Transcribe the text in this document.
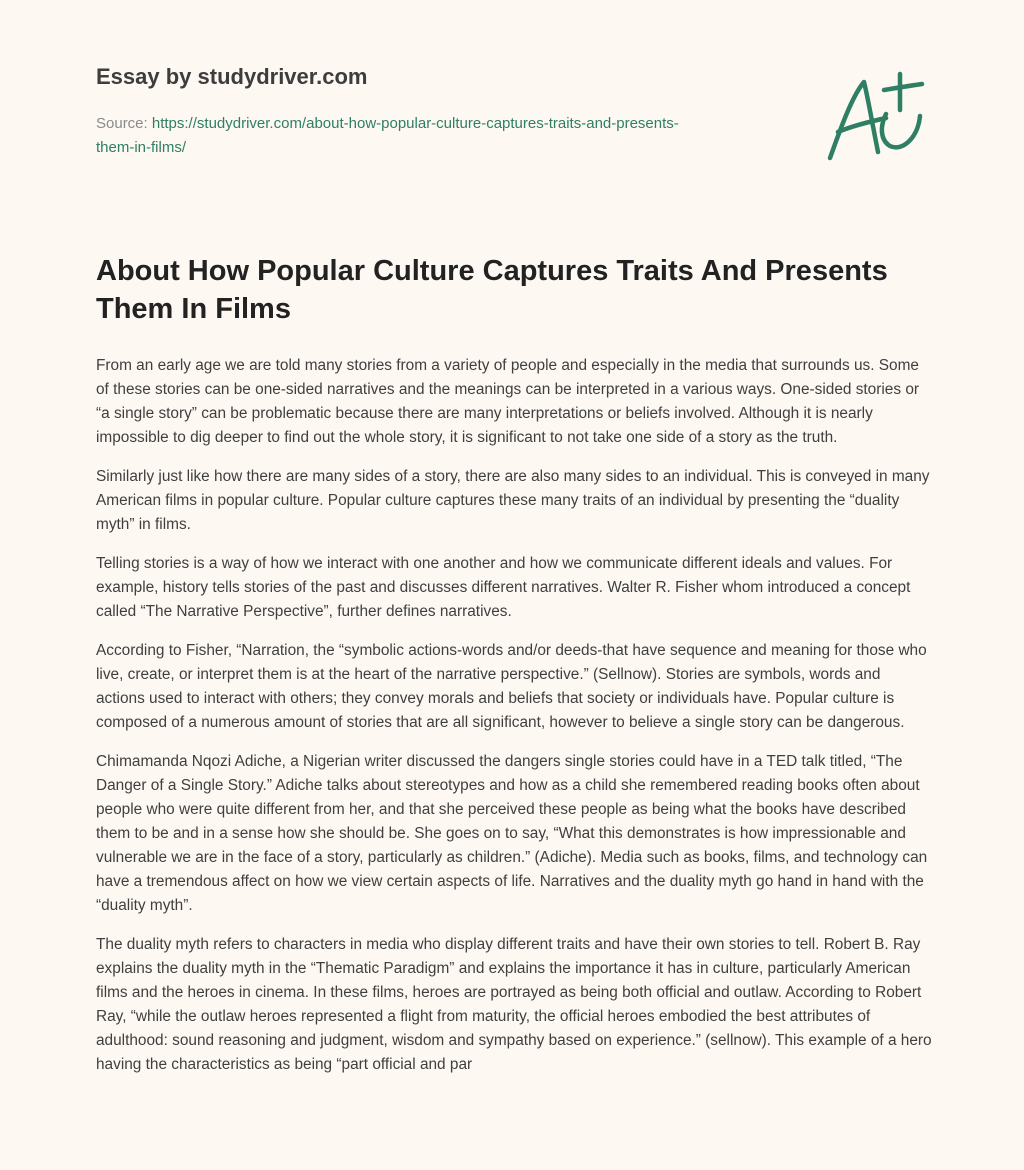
Essay by studydriver.com
Source: https://studydriver.com/about-how-popular-culture-captures-traits-and-presents-
them-in-films/
About How Popular Culture Captures Traits And Presents Them In Films

From an early age we are told many stories from a variety of people and especially in the media that surrounds us. Some of these stories can be one-sided narratives and the meanings can be interpreted in a various ways. One-sided stories or “a single story” can be problematic because there are many interpretations or beliefs involved. Although it is nearly impossible to dig deeper to find out the whole story, it is significant to not take one side of a story as the truth.

Similarly just like how there are many sides of a story, there are also many sides to an individual. This is conveyed in many American films in popular culture. Popular culture captures these many traits of an individual by presenting the “duality myth” in films.

Telling stories is a way of how we interact with one another and how we communicate different ideals and values. For example, history tells stories of the past and discusses different narratives. Walter R. Fisher whom introduced a concept called “The Narrative Perspective”, further defines narratives.

According to Fisher, “Narration, the “symbolic actions-words and/or deeds-that have sequence and meaning for those who live, create, or interpret them is at the heart of the narrative perspective.” (Sellnow). Stories are symbols, words and actions used to interact with others; they convey morals and beliefs that society or individuals have. Popular culture is composed of a numerous amount of stories that are all significant, however to believe a single story can be dangerous.

Chimamanda Nqozi Adiche, a Nigerian writer discussed the dangers single stories could have in a TED talk titled, “The Danger of a Single Story.” Adiche talks about stereotypes and how as a child she remembered reading books often about people who were quite different from her, and that she perceived these people as being what the books have described them to be and in a sense how she should be. She goes on to say, “What this demonstrates is how impressionable and vulnerable we are in the face of a story, particularly as children.” (Adiche). Media such as books, films, and technology can have a tremendous affect on how we view certain aspects of life. Narratives and the duality myth go hand in hand with the “duality myth”.

The duality myth refers to characters in media who display different traits and have their own stories to tell. Robert B. Ray explains the duality myth in the “Thematic Paradigm” and explains the importance it has in culture, particularly American films and the heroes in cinema. In these films, heroes are portrayed as being both official and outlaw. According to Robert Ray, “while the outlaw heroes represented a flight from maturity, the official heroes embodied the best attributes of adulthood: sound reasoning and judgment, wisdom and sympathy based on experience.” (sellnow). This example of a hero having the characteristics as being “part official and par
